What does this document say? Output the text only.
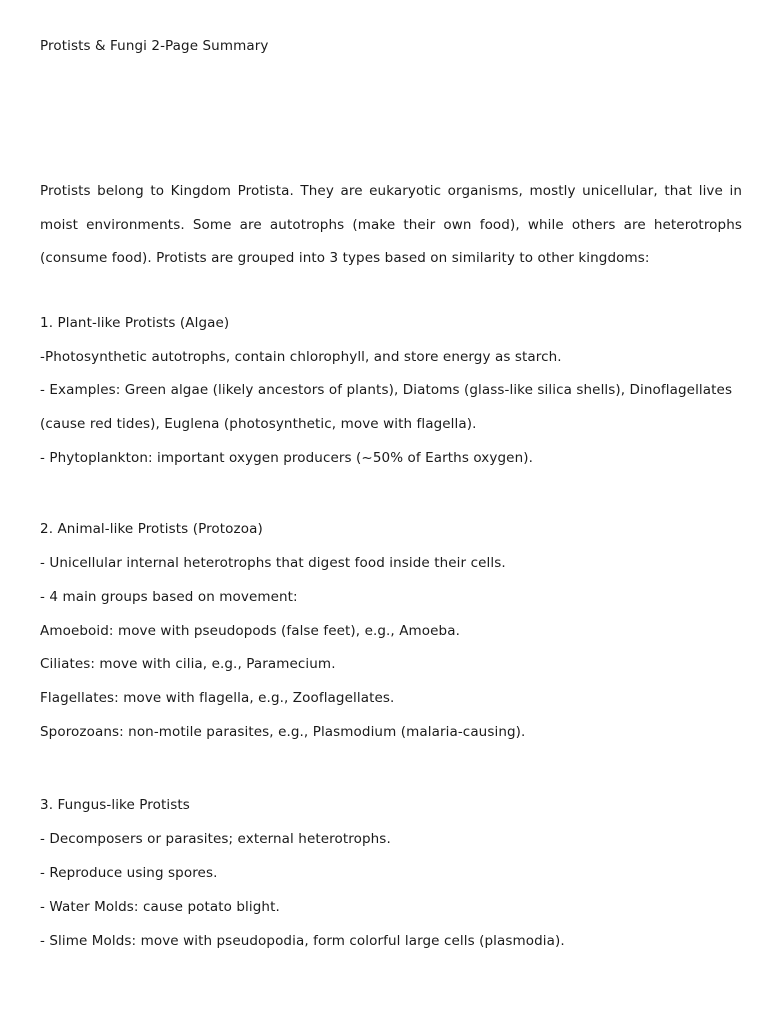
Protists & Fungi 2-Page Summary
Protists belong to Kingdom Protista. They are eukaryotic organisms, mostly unicellular, that live in moist environments. Some are autotrophs (make their own food), while others are heterotrophs (consume food). Protists are grouped into 3 types based on similarity to other kingdoms:
1. Plant-like Protists (Algae)
-Photosynthetic autotrophs, contain chlorophyll, and store energy as starch.
- Examples: Green algae (likely ancestors of plants), Diatoms (glass-like silica shells), Dinoflagellates (cause red tides), Euglena (photosynthetic, move with flagella).
- Phytoplankton: important oxygen producers (~50% of Earths oxygen).
2. Animal-like Protists (Protozoa)
- Unicellular internal heterotrophs that digest food inside their cells.
- 4 main groups based on movement:
Amoeboid: move with pseudopods (false feet), e.g., Amoeba.
Ciliates: move with cilia, e.g., Paramecium.
Flagellates: move with flagella, e.g., Zooflagellates.
Sporozoans: non-motile parasites, e.g., Plasmodium (malaria-causing).
3. Fungus-like Protists
- Decomposers or parasites; external heterotrophs.
- Reproduce using spores.
- Water Molds: cause potato blight.
- Slime Molds: move with pseudopodia, form colorful large cells (plasmodia).
